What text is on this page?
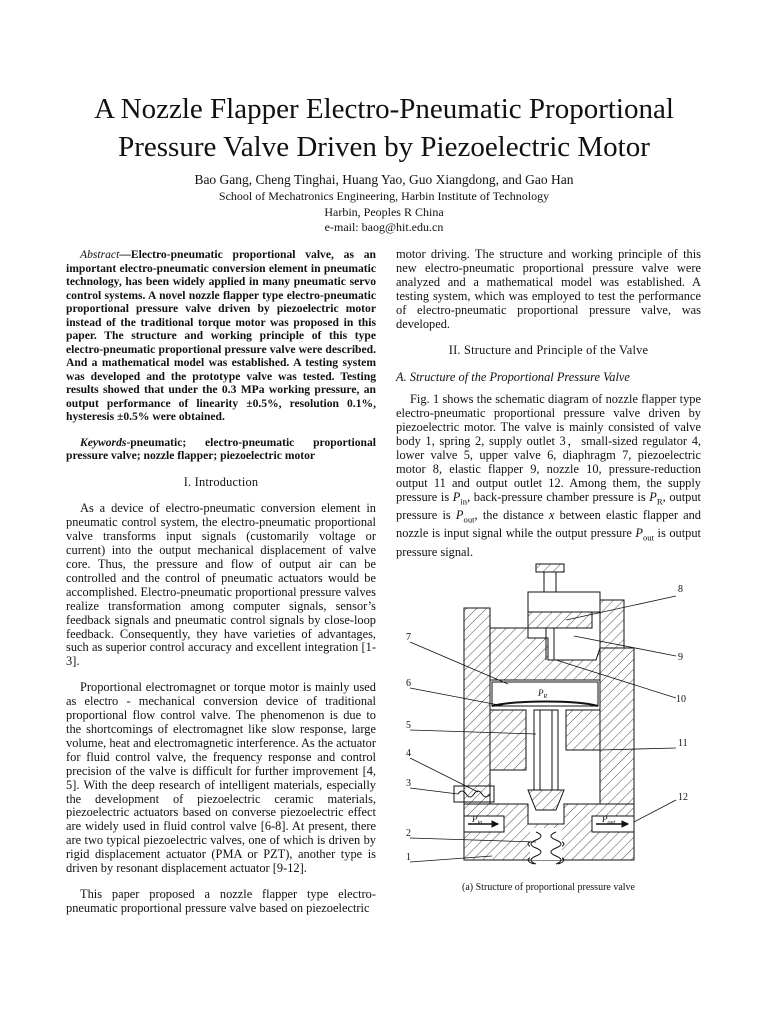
A Nozzle Flapper Electro-Pneumatic Proportional
Pressure Valve Driven by Piezoelectric Motor
Bao Gang, Cheng Tinghai, Huang Yao, Guo Xiangdong, and Gao Han
School of Mechatronics Engineering, Harbin Institute of Technology
Harbin, Peoples R China
e-mail: baog@hit.edu.cn

Abstract—Electro-pneumatic proportional valve, as an important electro-pneumatic conversion element in pneumatic technology, has been widely applied in many pneumatic servo control systems. A novel nozzle flapper type electro-pneumatic proportional pressure valve driven by piezoelectric motor instead of the traditional torque motor was proposed in this paper. The structure and working principle of this type electro-pneumatic proportional pressure valve were described. And a mathematical model was established. A testing system was developed and the prototype valve was tested. Testing results showed that under the 0.3 MPa working pressure, an output performance of linearity ±0.5%, resolution 0.1%, hysteresis ±0.5% were obtained.

Keywords-pneumatic; electro-pneumatic proportional pressure valve; nozzle flapper; piezoelectric motor

I. Introduction

As a device of electro-pneumatic conversion element in pneumatic control system, the electro-pneumatic proportional valve transforms input signals (customarily voltage or current) into the output mechanical displacement of valve core. Thus, the pressure and flow of output air can be controlled and the control of pneumatic actuators would be accomplished. Electro-pneumatic proportional pressure valves realize transformation among computer signals, sensor’s feedback signals and pneumatic control signals by close-loop feedback. Consequently, they have varieties of advantages, such as superior control accuracy and excellent integration [1-3].

Proportional electromagnet or torque motor is mainly used as electro - mechanical conversion device of traditional proportional flow control valve. The phenomenon is due to the shortcomings of electromagnet like slow response, large volume, heat and electromagnetic interference. As the actuator for fluid control valve, the frequency response and control precision of the valve is difficult for further improvement [4, 5]. With the deep research of intelligent materials, especially the development of piezoelectric ceramic materials, piezoelectric actuators based on converse piezoelectric effect are widely used in fluid control valve [6-8]. At present, there are two typical piezoelectric valves, one of which is driven by rigid displacement actuator (PMA or PZT), another type is driven by resonant displacement actuator [9-12].

This paper proposed a nozzle flapper type electro-pneumatic proportional pressure valve based on piezoelectric

motor driving. The structure and working principle of this new electro-pneumatic proportional pressure valve were analyzed and a mathematical model was established. A testing system, which was employed to test the performance of electro-pneumatic proportional pressure valve, was developed.

II. Structure and Principle of the Valve

A. Structure of the Proportional Pressure Valve

Fig. 1 shows the schematic diagram of nozzle flapper type electro-pneumatic proportional pressure valve driven by piezoelectric motor. The valve is mainly consisted of valve body 1, spring 2, supply outlet 3，small-sized regulator 4, lower valve 5, upper valve 6, diaphragm 7, piezoelectric motor 8, elastic flapper 9, nozzle 10, pressure-reduction output 11 and output outlet 12. Among them, the supply pressure is $P_{in}$, back-pressure chamber pressure is $P_R$, output pressure is $P_{out}$, the distance x between elastic flapper and nozzle is input signal while the output pressure $P_{out}$ is output pressure signal.

8
9
10
11
12
7
6
5
4
3
2
1
$P_{in}$
$P_R$
$P_{out}$
(a) Structure of proportional pressure valve
